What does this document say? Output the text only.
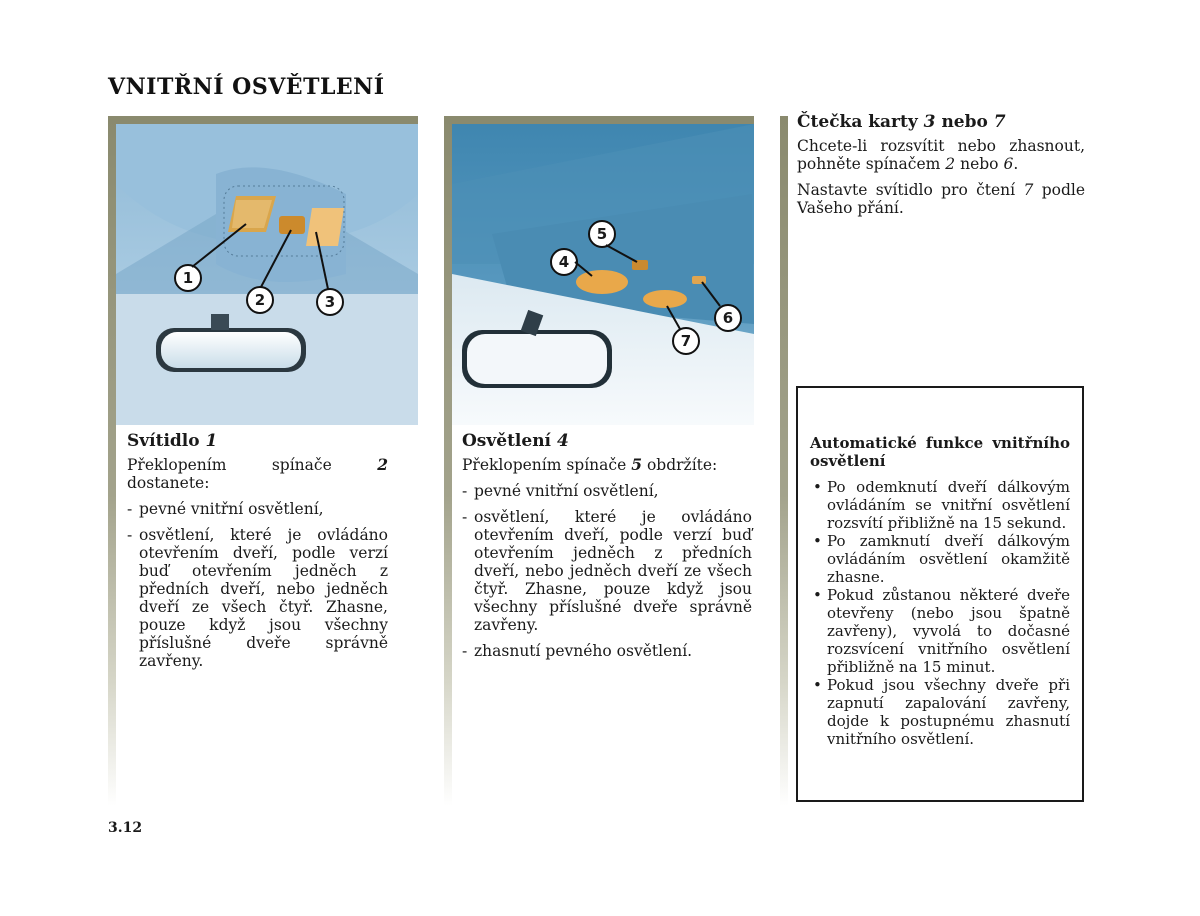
VNITŘNÍ OSVĚTLENÍ
1
2	3
5
4
6
7
Svítidlo 1

Překlopením spínače	2 dostanete:

- pevné vnitřní osvětlení,
- osvětlení, které je ovládáno otevřením dveří, podle verzí buď otevřením jedněch z předních dveří, nebo jedněch dveří ze všech čtyř. Zhasne, pouze když jsou všechny příslušné dveře správně zavřeny.
Osvětlení 4

Překlopením spínače 5 obdržíte:

- pevné vnitřní osvětlení,
- osvětlení, které je ovládáno otevřením dveří, podle verzí buď otevřením jedněch z předních dveří, nebo jedněch dveří ze všech čtyř. Zhasne, pouze když jsou všechny příslušné dveře správně zavřeny.
- zhasnutí pevného osvětlení.
Čtečka karty 3 nebo 7

Chcete-li rozsvítit nebo zhasnout, pohněte spínačem 2 nebo 6.

Nastavte svítidlo pro čtení 7 podle Vašeho přání.

Automatické funkce vnitřního osvětlení
• Po odemknutí dveří dálkovým ovládáním se vnitřní osvětlení rozsvítí přibližně na 15 sekund.
• Po zamknutí dveří dálkovým ovládáním osvětlení okamžitě zhasne.
• Pokud zůstanou některé dveře otevřeny (nebo jsou špatně zavřeny), vyvolá to dočasné rozsvícení vnitřního osvětlení přibližně na 15 minut.
• Pokud jsou všechny dveře při zapnutí zapalování zavřeny, dojde k postupnému zhasnutí vnitřního osvětlení.
3.12
